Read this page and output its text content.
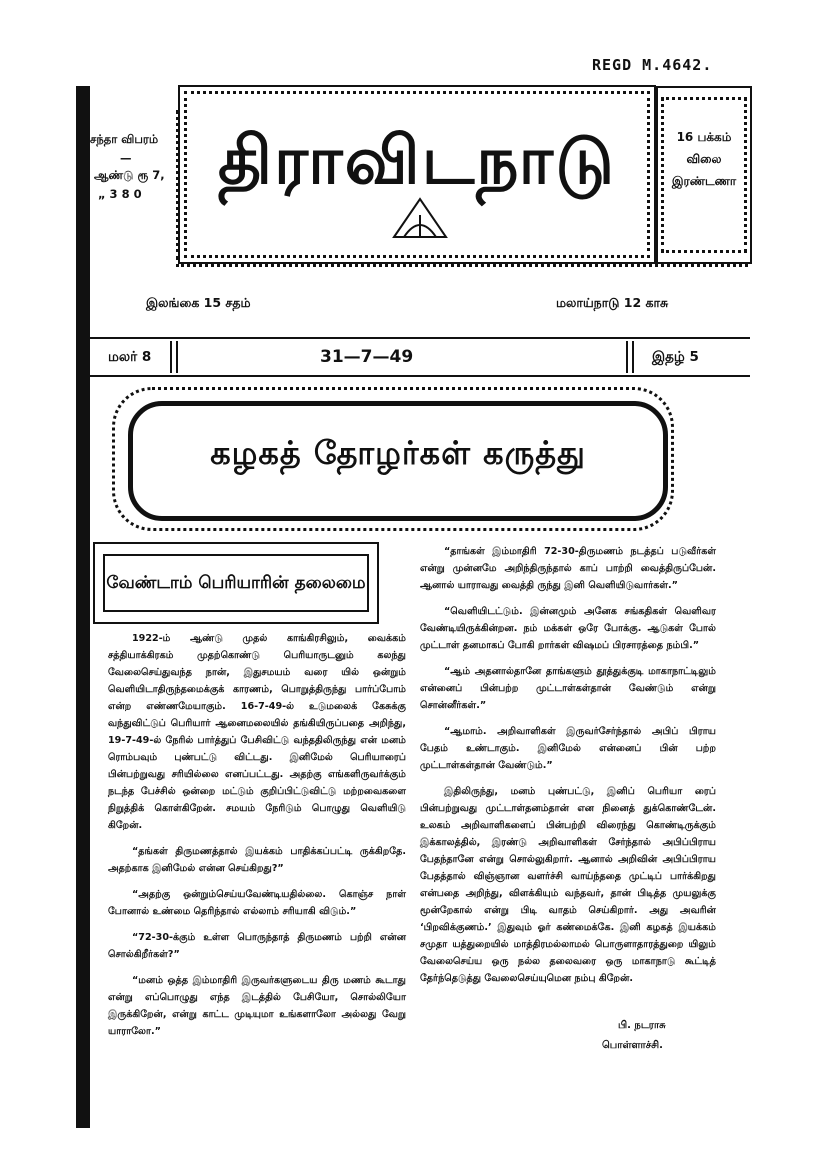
REGD M.4642.
சந்தா விபரம்
—
ஆண்டு ரூ 7,
„ 3 8 0	திராவிடநாடு	16 பக்கம்
விலை
இரண்டணா
இலங்கை 15 சதம்	மலாய்நாடு 12 காசு
மலர் 8	31—7—49	இதழ் 5
கழகத் தோழர்கள் கருத்து
வேண்டாம் பெரியாரின் தலைமை

1922-ம் ஆண்டு முதல் காங்கிரசிலும், வைக்கம் சத்தியாக்கிரகம் முதற்கொண்டு பெரியாருடனும் கலந்து வேலைசெய்துவந்த நான், இதுசமயம் வரை யில் ஒன்றும் வெளியிடாதிருந்தமைக்குக் காரணம், பொறுத்திருந்து பார்ப்போம் என்ற எண்ணமேயாகும். 16-7-49-ல் உடுமலைக் கேசுக்கு வந்துவிட்டுப் பெரியார் ஆனைமலையில் தங்கியிருப்பதை அறிந்து, 19-7-49-ல் நேரில் பார்த்துப் பேசிவிட்டு வந்ததிலிருந்து என் மனம் ரொம்பவும் புண்பட்டு விட்டது. இனிமேல் பெரியாரைப் பின்பற்றுவது சரியில்லை எனப்பட்டது. அதற்கு எங்களிருவர்க்கும் நடந்த பேச்சில் ஒன்றை மட்டும் குறிப்பிட்டுவிட்டு மற்றவைகளை நிறுத்திக் கொள்கிறேன். சமயம் நேரிடும் பொழுது வெளியிடு கிறேன்.

“தங்கள் திருமணத்தால் இயக்கம் பாதிக்கப்பட்டி ருக்கிறதே. அதற்காக இனிமேல் என்ன செய்கிறது?”

“அதற்கு ஒன்றும்செய்யவேண்டியதில்லை. கொஞ்ச நாள் போனால் உண்மை தெரிந்தால் எல்லாம் சரியாகி விடும்.”

“72-30-க்கும் உள்ள பொருந்தாத் திருமணம் பற்றி என்ன சொல்கிறீர்கள்?”

“மனம் ஒத்த இம்மாதிரி இருவர்களுடைய திரு மணம் கூடாது என்று எப்பொழுது எந்த இடத்தில் பேசியோ, சொல்லியோ இருக்கிறேன், என்று காட்ட முடியுமா உங்களாலோ அல்லது வேறு யாராலோ.”

“தாங்கள் இம்மாதிரி 72-30-திருமணம் நடத்தப் படுவீர்கள் என்று முன்னமே அறிந்திருந்தால் காப் பாற்றி வைத்திருப்பேன். ஆனால் யாராவது வைத்தி ருந்து இனி வெளியிடுவார்கள்.”

“வெளியிடட்டும். இன்னமும் அனேக சங்கதிகள் வெளிவர வேண்டியிருக்கின்றன. நம் மக்கள் ஒரே போக்கு. ஆடுகள் போல் முட்டாள் தனமாகப் போகி றார்கள் விஷமப் பிரசாரத்தை நம்பி.”

“ஆம் அதனால்தானே தாங்களும் தூத்துக்குடி மாகாநாட்டிலும் என்னைப் பின்பற்ற முட்டாள்கள்தான் வேண்டும் என்று சொன்னீர்கள்.”

“ஆமாம். அறிவாளிகள் இருவர்சேர்ந்தால் அபிப் பிராய பேதம் உண்டாகும். இனிமேல் என்னைப் பின் பற்ற முட்டாள்கள்தான் வேண்டும்.”

இதிலிருந்து, மனம் புண்பட்டு, இனிப் பெரியா ரைப் பின்பற்றுவது முட்டாள்தனம்தான் என நினைத் துக்கொண்டேன். உலகம் அறிவாளிகளைப் பின்பற்றி விரைந்து கொண்டிருக்கும் இக்காலத்தில், இரண்டு அறிவாளிகள் சேர்ந்தால் அபிப்பிராய பேதந்தானே என்று சொல்லுகிறார். ஆனால் அறிவின் அபிப்பிராய பேதத்தால் விஞ்ஞான வளர்ச்சி வாய்ந்ததை முட்டிப் பார்க்கிறது என்பதை அறிந்து, விளக்கியும் வந்தவர், தான் பிடித்த முயலுக்கு மூன்றேகால் என்று பிடி வாதம் செய்கிறார். அது அவரின் ‘பிறவிக்குணம்.’ இதுவும் ஓர் கண்மைக்கே. இனி கழகத் இயக்கம் சமுதா யத்துறையில் மாத்திரமல்லாமல் பொருளாதாரத்துறை யிலும் வேலைசெய்ய ஒரு நல்ல தலைவரை ஒரு மாகாநாடு கூட்டித் தேர்ந்தெடுத்து வேலைசெய்யுமென நம்பு கிறேன்.

பி. நடராசு
பொள்ளாச்சி.
